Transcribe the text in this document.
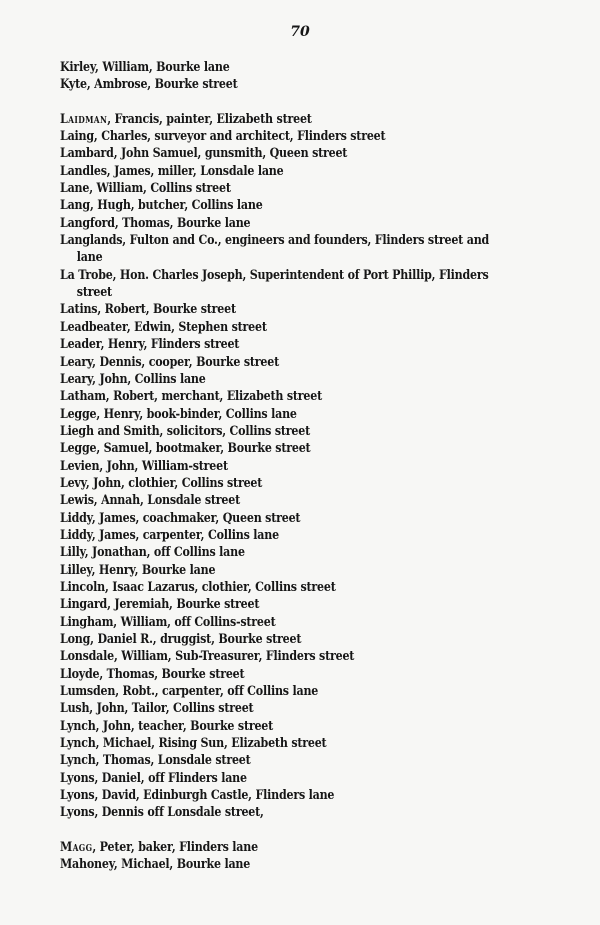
70
Kirley, William, Bourke lane
Kyte, Ambrose, Bourke street
Laidman, Francis, painter, Elizabeth street
Laing, Charles, surveyor and architect, Flinders street
Lambard, John Samuel, gunsmith, Queen street
Landles, James, miller, Lonsdale lane
Lane, William, Collins street
Lang, Hugh, butcher, Collins lane
Langford, Thomas, Bourke lane
Langlands, Fulton and Co., engineers and founders, Flinders street and lane
La Trobe, Hon. Charles Joseph, Superintendent of Port Phillip, Flinders street
Latins, Robert, Bourke street
Leadbeater, Edwin, Stephen street
Leader, Henry, Flinders street
Leary, Dennis, cooper, Bourke street
Leary, John, Collins lane
Latham, Robert, merchant, Elizabeth street
Legge, Henry, book-binder, Collins lane
Liegh and Smith, solicitors, Collins street
Legge, Samuel, bootmaker, Bourke street
Levien, John, William-street
Levy, John, clothier, Collins street
Lewis, Annah, Lonsdale street
Liddy, James, coachmaker, Queen street
Liddy, James, carpenter, Collins lane
Lilly, Jonathan, off Collins lane
Lilley, Henry, Bourke lane
Lincoln, Isaac Lazarus, clothier, Collins street
Lingard, Jeremiah, Bourke street
Lingham, William, off Collins-street
Long, Daniel R., druggist, Bourke street
Lonsdale, William, Sub-Treasurer, Flinders street
Lloyde, Thomas, Bourke street
Lumsden, Robt., carpenter, off Collins lane
Lush, John, Tailor, Collins street
Lynch, John, teacher, Bourke street
Lynch, Michael, Rising Sun, Elizabeth street
Lynch, Thomas, Lonsdale street
Lyons, Daniel, off Flinders lane
Lyons, David, Edinburgh Castle, Flinders lane
Lyons, Dennis off Lonsdale street,
Magg, Peter, baker, Flinders lane
Mahoney, Michael, Bourke lane
